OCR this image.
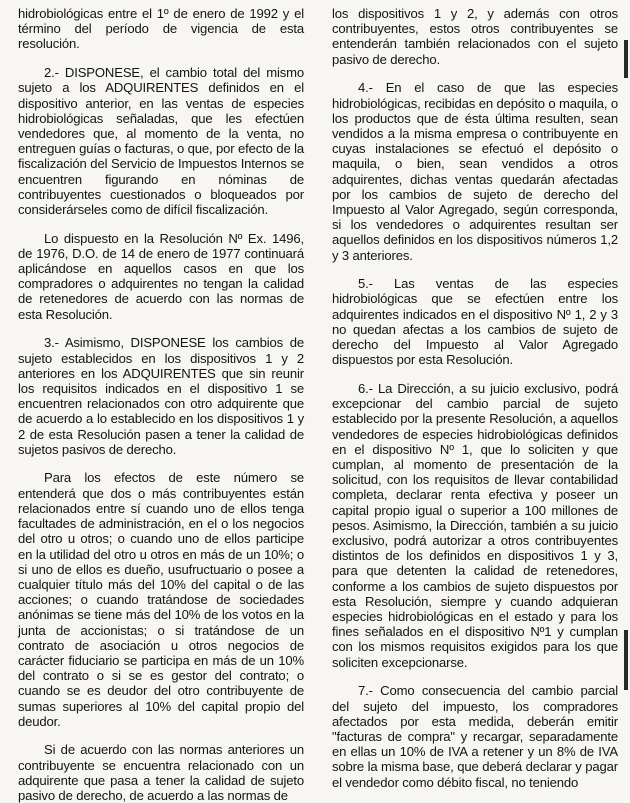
hidrobiológicas entre el 1º de enero de 1992 y el término del período de vigencia de esta resolución.

2.- DISPONESE, el cambio total del mismo sujeto a los ADQUIRENTES definidos en el dispositivo anterior, en las ventas de especies hidrobiológicas señaladas, que les efectúen vendedores que, al momento de la venta, no entreguen guías o facturas, o que, por efecto de la fiscalización del Servicio de Impuestos Internos se encuentren figurando en nóminas de contribuyentes cuestionados o bloqueados por considerárseles como de difícil fiscalización.

Lo dispuesto en la Resolución Nº Ex. 1496, de 1976, D.O. de 14 de enero de 1977 continuará aplicándose en aquellos casos en que los compradores o adquirentes no tengan la calidad de retenedores de acuerdo con las normas de esta Resolución.

3.- Asimismo, DISPONESE los cambios de sujeto establecidos en los dispositivos 1 y 2 anteriores en los ADQUIRENTES que sin reunir los requisitos indicados en el dispositivo 1 se encuentren relacionados con otro adquirente que de acuerdo a lo establecido en los dispositivos 1 y 2 de esta Resolución pasen a tener la calidad de sujetos pasivos de derecho.

Para los efectos de este número se entenderá que dos o más contribuyentes están relacionados entre sí cuando uno de ellos tenga facultades de administración, en el o los negocios del otro u otros; o cuando uno de ellos participe en la utilidad del otro u otros en más de un 10%; o si uno de ellos es dueño, usufructuario o posee a cualquier título más del 10% del capital o de las acciones; o cuando tratándose de sociedades anónimas se tiene más del 10% de los votos en la junta de accionistas; o si tratándose de un contrato de asociación u otros negocios de carácter fiduciario se participa en más de un 10% del contrato o si se es gestor del contrato; o cuando se es deudor del otro contribuyente de sumas superiores al 10% del capital propio del deudor.

Si de acuerdo con las normas anteriores un contribuyente se encuentra relacionado con un adquirente que pasa a tener la calidad de sujeto pasivo de derecho, de acuerdo a las normas de

los dispositivos 1 y 2, y además con otros contribuyentes, estos otros contribuyentes se entenderán también relacionados con el sujeto pasivo de derecho.

4.- En el caso de que las especies hidrobiológicas, recibidas en depósito o maquila, o los productos que de ésta última resulten, sean vendidos a la misma empresa o contribuyente en cuyas instalaciones se efectuó el depósito o maquila, o bien, sean vendidos a otros adquirentes, dichas ventas quedarán afectadas por los cambios de sujeto de derecho del Impuesto al Valor Agregado, según corresponda, si los vendedores o adquirentes resultan ser aquellos definidos en los dispositivos números 1,2 y 3 anteriores.

5.- Las ventas de las especies hidrobiológicas que se efectúen entre los adquirentes indicados en el dispositivo Nº 1, 2 y 3 no quedan afectas a los cambios de sujeto de derecho del Impuesto al Valor Agregado dispuestos por esta Resolución.

6.- La Dirección, a su juicio exclusivo, podrá excepcionar del cambio parcial de sujeto establecido por la presente Resolución, a aquellos vendedores de especies hidrobiológicas definidos en el dispositivo Nº 1, que lo soliciten y que cumplan, al momento de presentación de la solicitud, con los requisitos de llevar contabilidad completa, declarar renta efectiva y poseer un capital propio igual o superior a 100 millones de pesos. Asimismo, la Dirección, también a su juicio exclusivo, podrá autorizar a otros contribuyentes distintos de los definidos en dispositivos 1 y 3, para que detenten la calidad de retenedores, conforme a los cambios de sujeto dispuestos por esta Resolución, siempre y cuando adquieran especies hidrobiológicas en el estado y para los fines señalados en el dispositivo Nº1 y cumplan con los mismos requisitos exigidos para los que soliciten excepcionarse.

7.- Como consecuencia del cambio parcial del sujeto del impuesto, los compradores afectados por esta medida, deberán emitir "facturas de compra" y recargar, separadamente en ellas un 10% de IVA a retener y un 8% de IVA sobre la misma base, que deberá declarar y pagar el vendedor como débito fiscal, no teniendo
